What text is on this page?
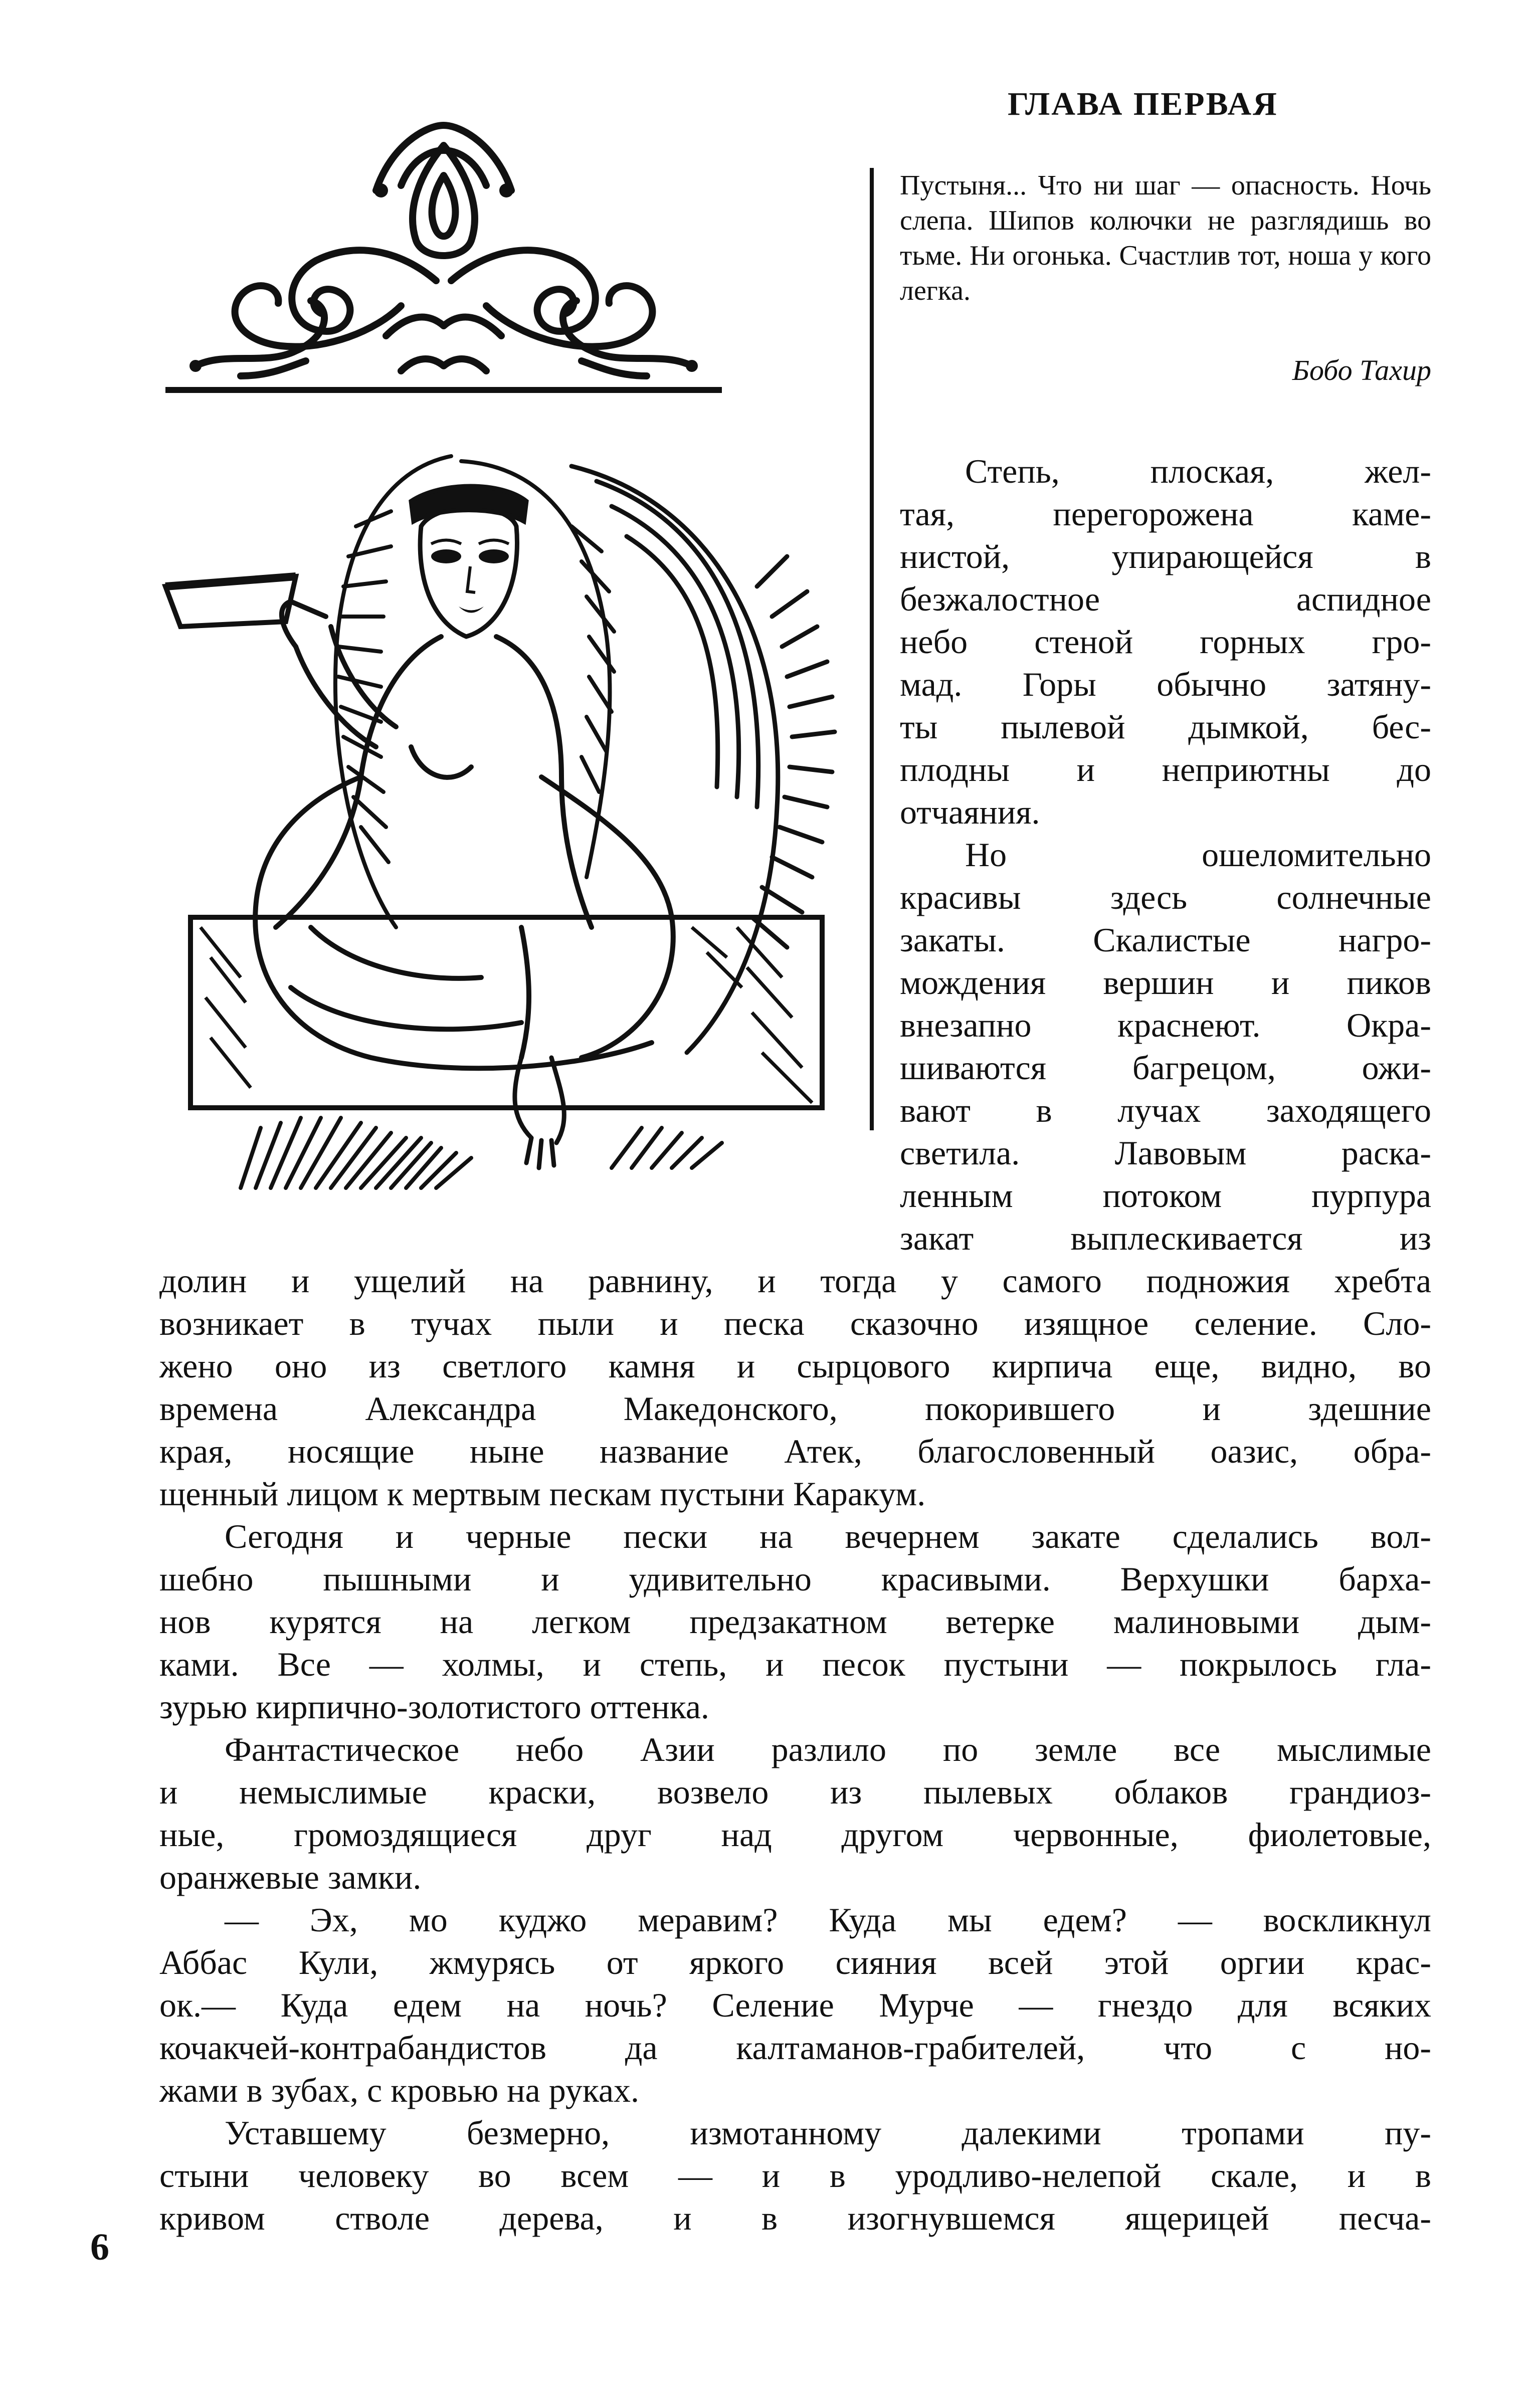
ГЛАВА ПЕРВАЯ
Пустыня... Что ни шаг — опасность. Ночь слепа. Шипов колючки не разглядишь во тьме. Ни огонька. Счастлив тот, ноша у кого легка.
Бобо Тахир
Степь, плоская, жел-
тая, перегорожена каме-
нистой, упирающейся в
безжалостное аспидное
небо стеной горных гро-
мад. Горы обычно затяну-
ты пылевой дымкой, бес-
плодны и неприютны до
отчаяния.
Но ошеломительно
красивы здесь солнечные
закаты. Скалистые нагро-
мождения вершин и пиков
внезапно краснеют. Окра-
шиваются багрецом, ожи-
вают в лучах заходящего
светила. Лавовым раска-
ленным потоком пурпура
закат выплескивается из
долин и ущелий на равнину, и тогда у самого подножия хребта
возникает в тучах пыли и песка сказочно изящное селение. Сло-
жено оно из светлого камня и сырцового кирпича еще, видно, во
времена Александра Македонского, покорившего и здешние
края, носящие ныне название Атек, благословенный оазис, обра-
щенный лицом к мертвым пескам пустыни Каракум.
Сегодня и черные пески на вечернем закате сделались вол-
шебно пышными и удивительно красивыми. Верхушки барха-
нов курятся на легком предзакатном ветерке малиновыми дым-
ками. Все — холмы, и степь, и песок пустыни — покрылось гла-
зурью кирпично-золотистого оттенка.
Фантастическое небо Азии разлило по земле все мыслимые
и немыслимые краски, возвело из пылевых облаков грандиоз-
ные, громоздящиеся друг над другом червонные, фиолетовые,
оранжевые замки.
— Эх, мо куджо меравим? Куда мы едем? — воскликнул
Аббас Кули, жмурясь от яркого сияния всей этой оргии крас-
ок.— Куда едем на ночь? Селение Мурче — гнездо для всяких
кочакчей-контрабандистов да калтаманов-грабителей, что с но-
жами в зубах, с кровью на руках.
Уставшему безмерно, измотанному далекими тропами пу-
стыни человеку во всем — и в уродливо-нелепой скале, и в
кривом стволе дерева, и в изогнувшемся ящерицей песча-
6
